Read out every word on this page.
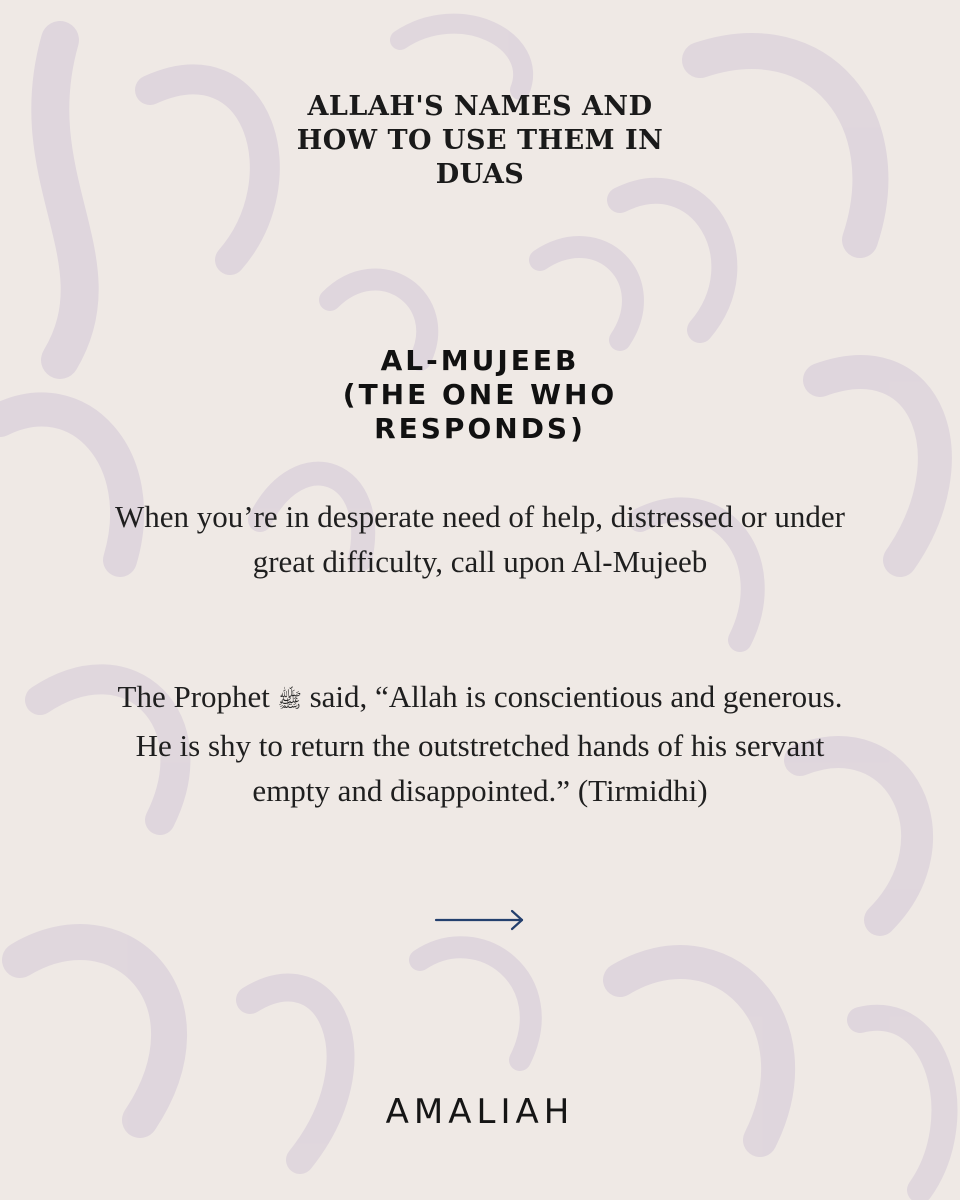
ALLAH'S NAMES AND HOW TO USE THEM IN DUAS
AL-MUJEEB
(THE ONE WHO
RESPONDS)
When you’re in desperate need of help, distressed or under great difficulty, call upon Al-Mujeeb
The Prophet ﷺ said, “Allah is conscientious and generous. He is shy to return the outstretched hands of his servant empty and disappointed.” (Tirmidhi)
AMALIAH
